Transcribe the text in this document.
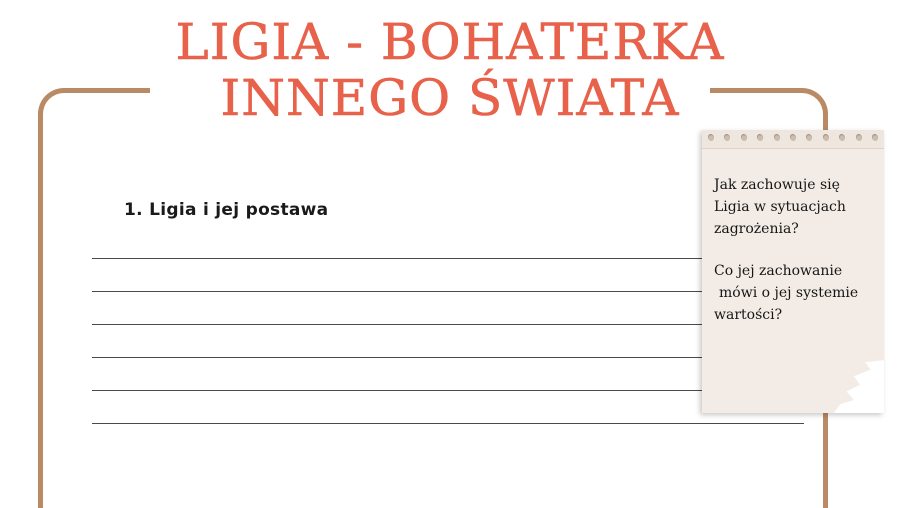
LIGIA - BOHATERKA
INNEGO ŚWIATA
1. Ligia i jej postawa
Jak zachowuje się Ligia w sytuacjach zagrożenia?
Co jej zachowanie
mówi o jej systemie
wartości?
